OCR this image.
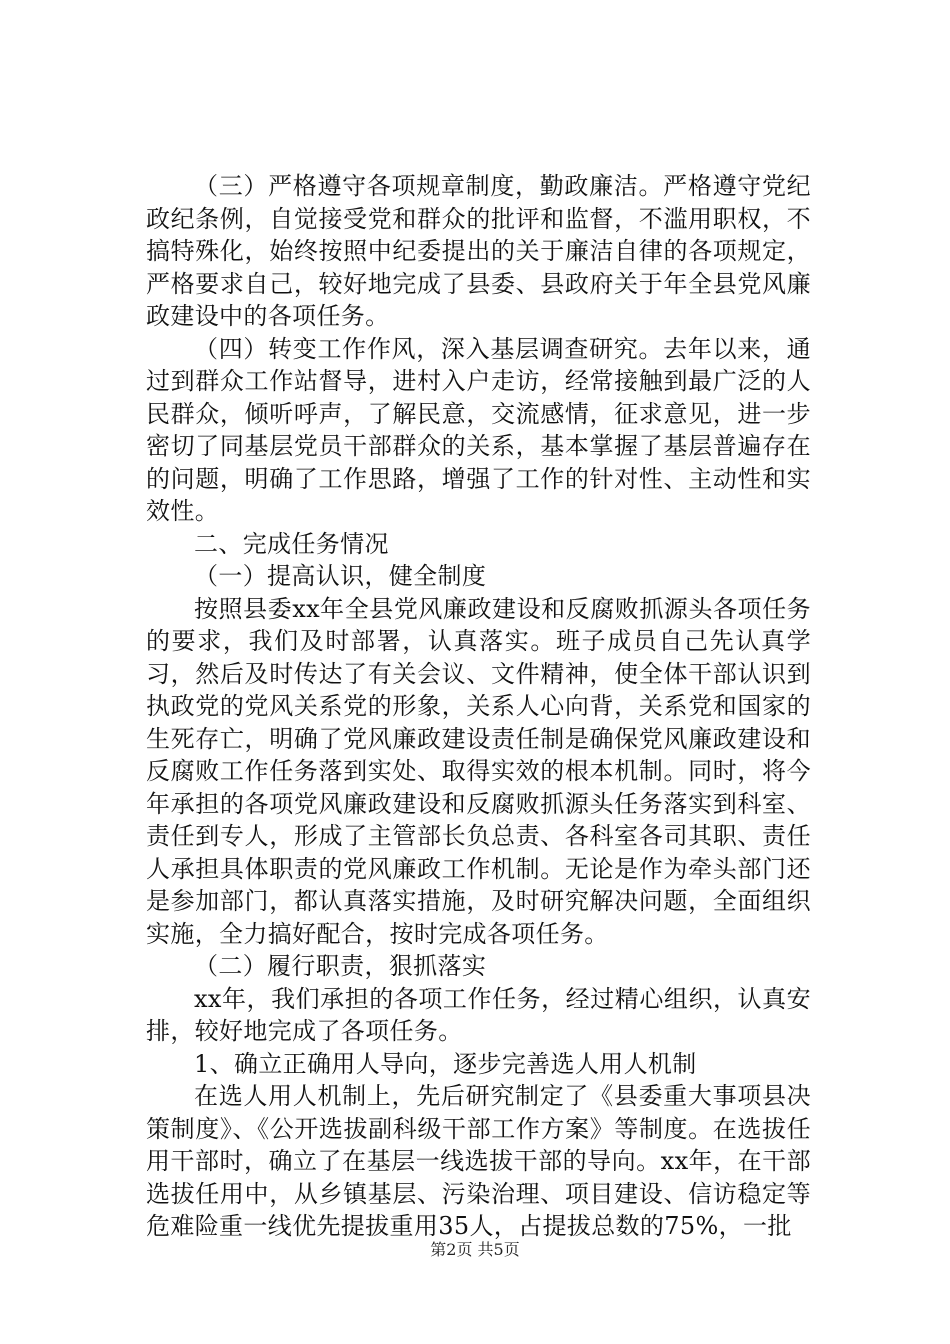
（三）严格遵守各项规章制度，勤政廉洁。严格遵守党纪政纪条例，自觉接受党和群众的批评和监督，不滥用职权，不搞特殊化，始终按照中纪委提出的关于廉洁自律的各项规定，严格要求自己，较好地完成了县委、县政府关于年全县党风廉政建设中的各项任务。

（四）转变工作作风，深入基层调查研究。去年以来，通过到群众工作站督导，进村入户走访，经常接触到最广泛的人民群众，倾听呼声，了解民意，交流感情，征求意见，进一步密切了同基层党员干部群众的关系，基本掌握了基层普遍存在的问题，明确了工作思路，增强了工作的针对性、主动性和实效性。

二、完成任务情况

（一）提高认识，健全制度

按照县委xx年全县党风廉政建设和反腐败抓源头各项任务的要求，我们及时部署，认真落实。班子成员自己先认真学习，然后及时传达了有关会议、文件精神，使全体干部认识到执政党的党风关系党的形象，关系人心向背，关系党和国家的生死存亡，明确了党风廉政建设责任制是确保党风廉政建设和反腐败工作任务落到实处、取得实效的根本机制。同时，将今年承担的各项党风廉政建设和反腐败抓源头任务落实到科室、责任到专人，形成了主管部长负总责、各科室各司其职、责任人承担具体职责的党风廉政工作机制。无论是作为牵头部门还是参加部门，都认真落实措施，及时研究解决问题，全面组织实施，全力搞好配合，按时完成各项任务。

（二）履行职责，狠抓落实

xx年，我们承担的各项工作任务，经过精心组织，认真安排，较好地完成了各项任务。

1、确立正确用人导向，逐步完善选人用人机制

在选人用人机制上，先后研究制定了《县委重大事项县决策制度》、《公开选拔副科级干部工作方案》等制度。在选拔任用干部时，确立了在基层一线选拔干部的导向。xx年，在干部选拔任用中，从乡镇基层、污染治理、项目建设、信访稳定等危难险重一线优先提拔重用35人，占提拔总数的75%，一批

第2页 共5页
